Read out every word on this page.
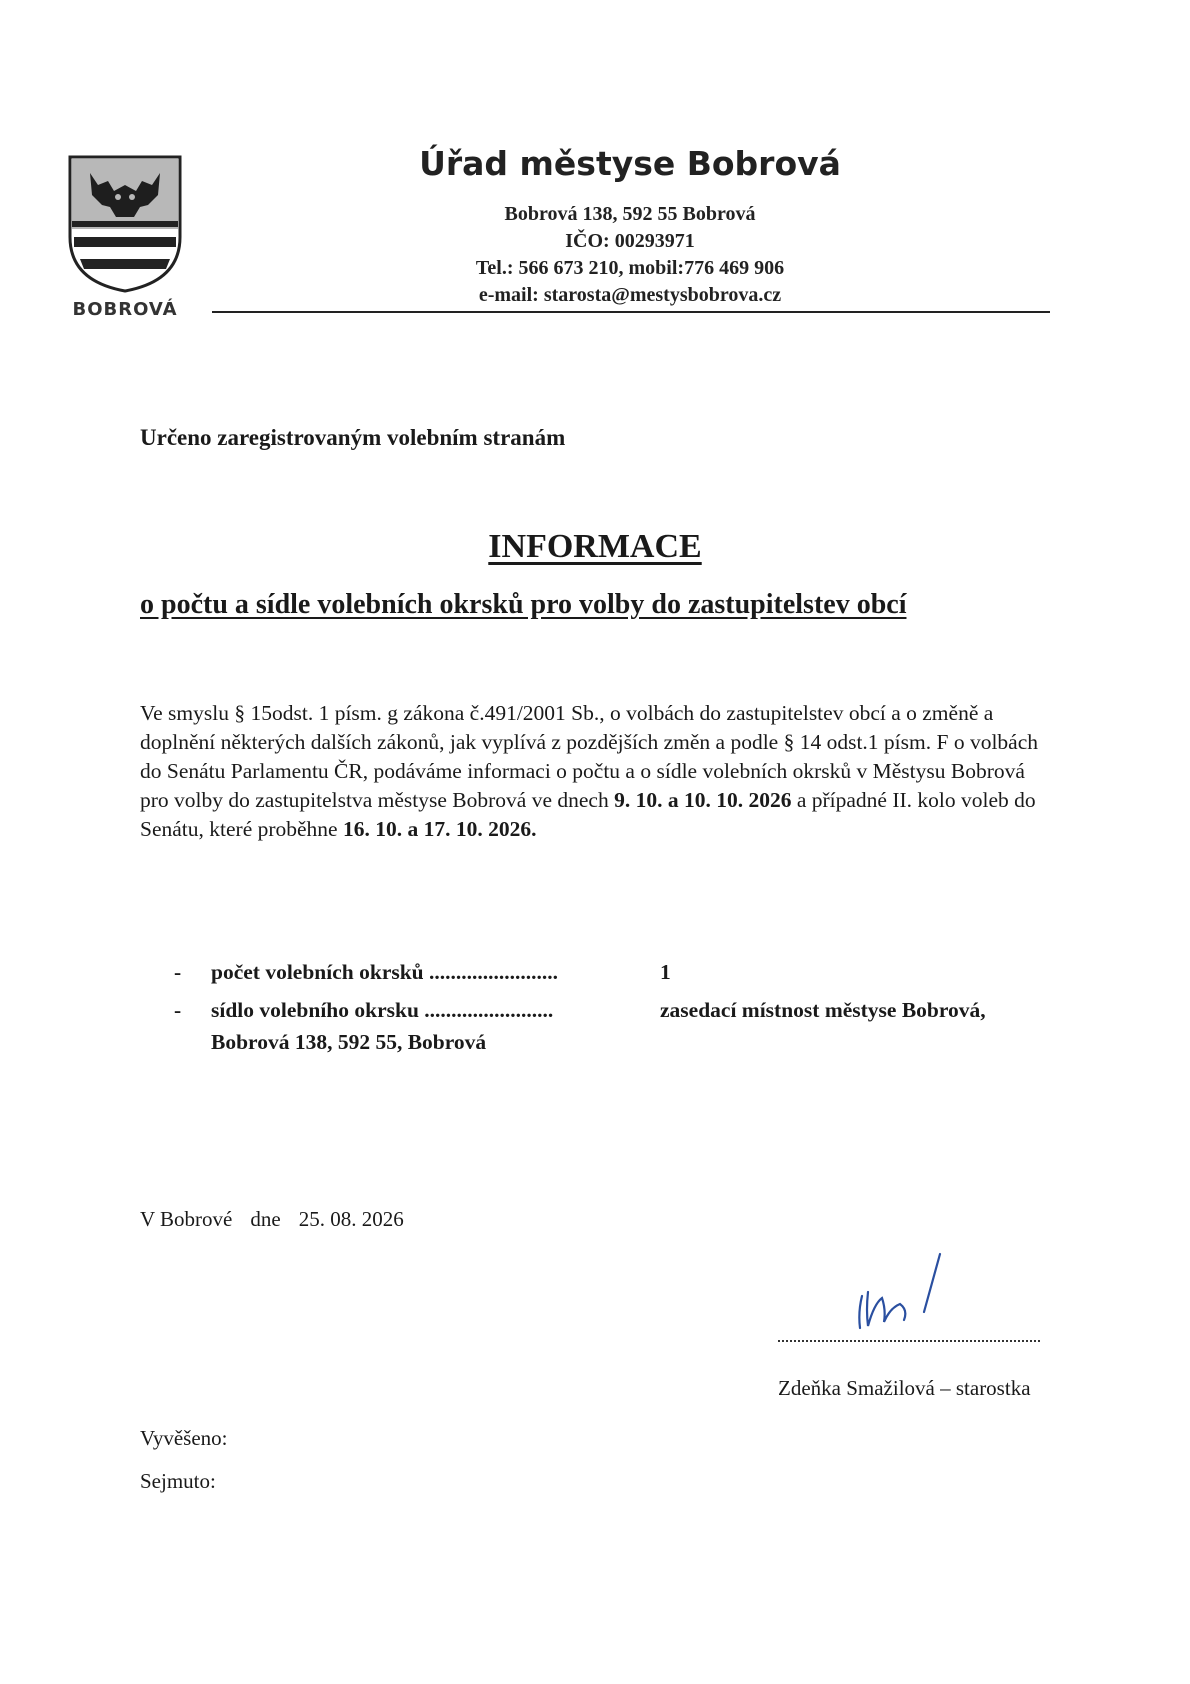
BOBROVÁ
Úřad městyse Bobrová
Bobrová 138, 592 55 Bobrová
IČO: 00293971
Tel.: 566 673 210, mobil:776 469 906
e-mail: starosta@mestysbobrova.cz
Určeno zaregistrovaným volebním stranám
INFORMACE
o počtu a sídle volebních okrsků pro volby do zastupitelstev obcí
Ve smyslu § 15odst. 1 písm. g zákona č.491/2001 Sb., o volbách do zastupitelstev obcí a o změně a doplnění některých dalších zákonů, jak vyplívá z pozdějších změn a podle § 14 odst.1 písm. F o volbách do Senátu Parlamentu ČR, podáváme informaci o počtu a o sídle volebních okrsků v Městysu Bobrová pro volby do zastupitelstva městyse Bobrová ve dnech 9. 10. a 10. 10. 2026 a případné II. kolo voleb do Senátu, které proběhne 16. 10. a 17. 10. 2026.
- počet volebních okrsků ........................	1
- sídlo volebního okrsku ........................	zasedací místnost městyse Bobrová,
Bobrová 138, 592 55, Bobrová
V Bobrové dne 25. 08. 2026
Zdeňka Smažilová – starostka
Vyvěšeno:
Sejmuto:
